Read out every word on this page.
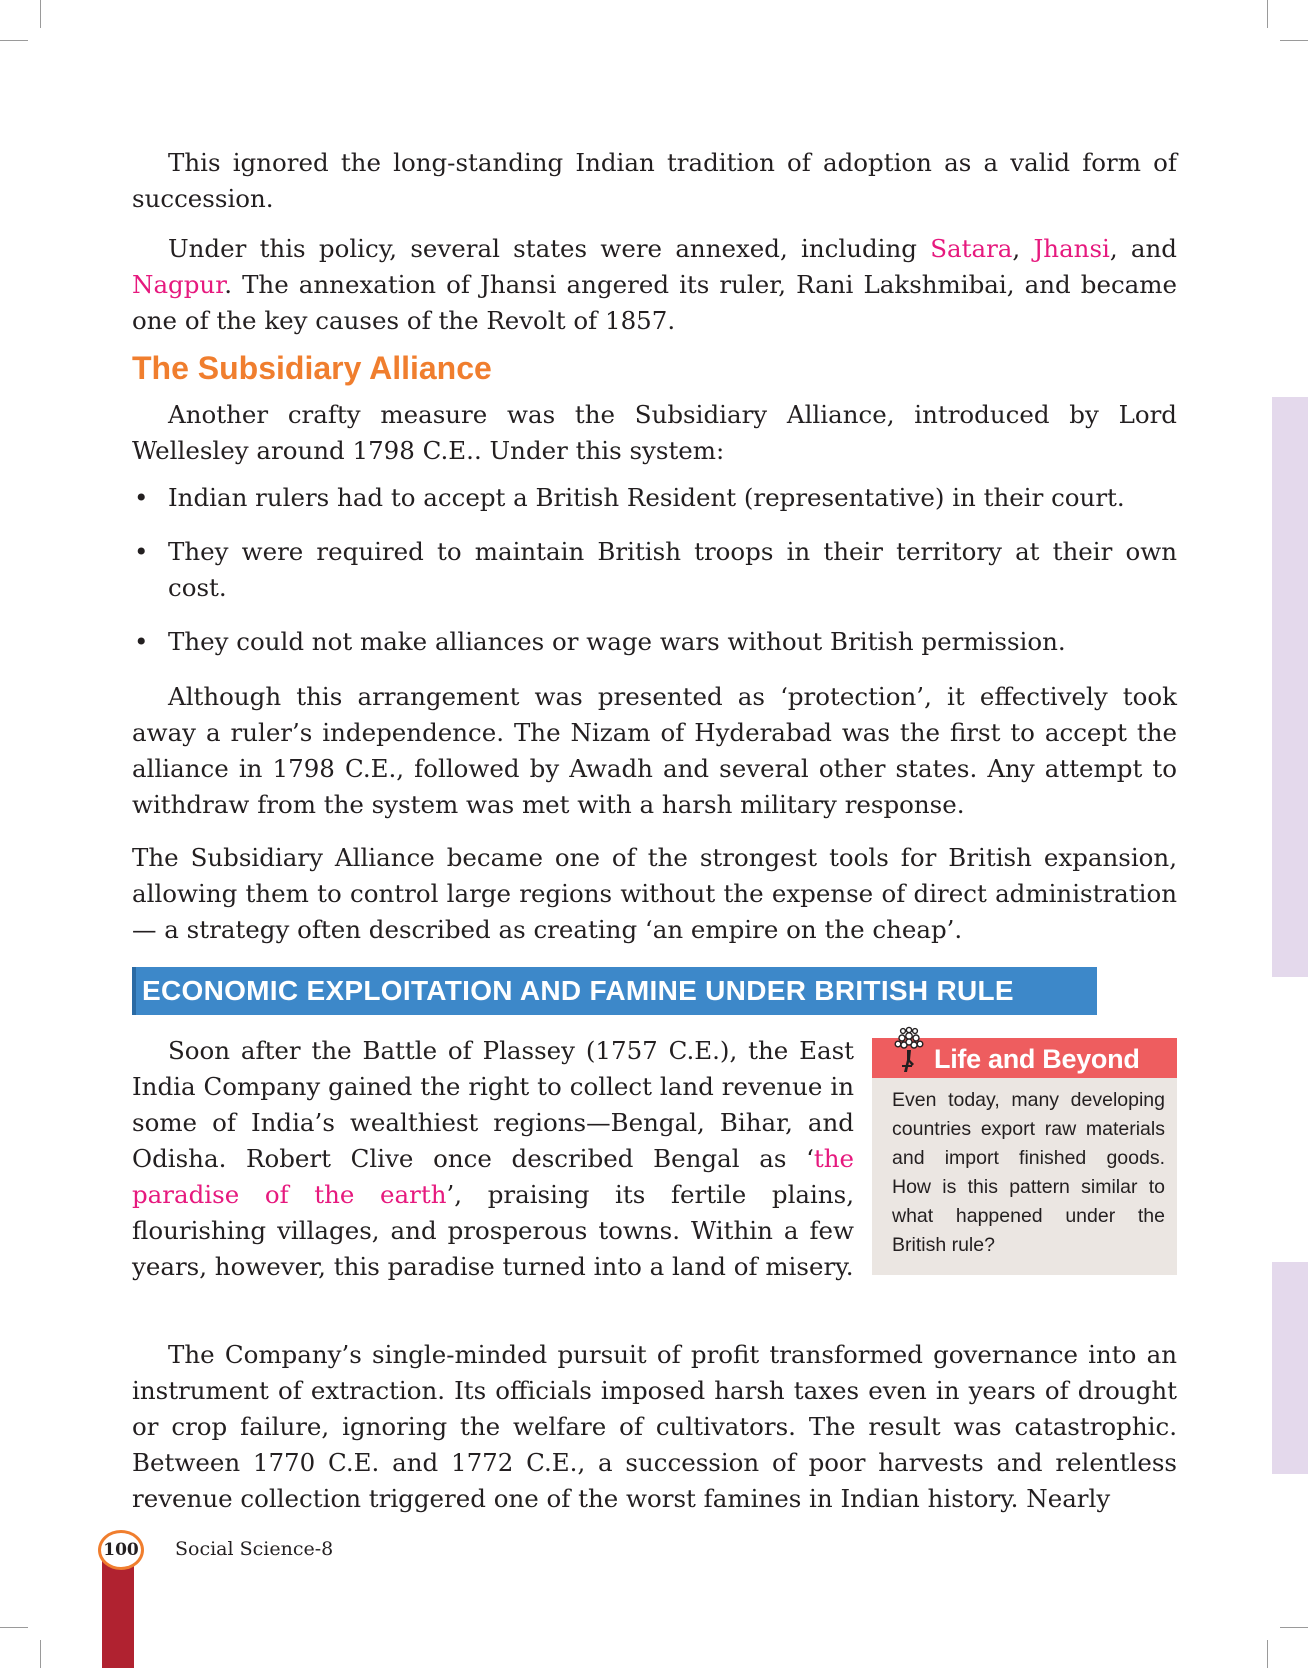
This ignored the long-standing Indian tradition of adoption as a valid form of succession.

Under this policy, several states were annexed, including Satara, Jhansi, and Nagpur. The annexation of Jhansi angered its ruler, Rani Lakshmibai, and became one of the key causes of the Revolt of 1857.

The Subsidiary Alliance

Another crafty measure was the Subsidiary Alliance, introduced by Lord Wellesley around 1798 C.E.. Under this system:

• Indian rulers had to accept a British Resident (representative) in their court.
• They were required to maintain British troops in their territory at their own cost.
• They could not make alliances or wage wars without British permission.

Although this arrangement was presented as ‘protection’, it effectively took away a ruler’s independence. The Nizam of Hyderabad was the first to accept the alliance in 1798 C.E., followed by Awadh and several other states. Any attempt to withdraw from the system was met with a harsh military response.

The Subsidiary Alliance became one of the strongest tools for British expansion, allowing them to control large regions without the expense of direct administration — a strategy often described as creating ‘an empire on the cheap’.

ECONOMIC EXPLOITATION AND FAMINE UNDER BRITISH RULE

Soon after the Battle of Plassey (1757 C.E.), the East India Company gained the right to collect land revenue in some of India’s wealthiest regions—Bengal, Bihar, and Odisha. Robert Clive once described Bengal as ‘the paradise of the earth’, praising its fertile plains, flourishing villages, and prosperous towns. Within a few years, however, this paradise turned into a land of misery.

Life and Beyond

Even today, many developing countries export raw materials and import finished goods. How is this pattern similar to what happened under the British rule?

The Company’s single-minded pursuit of profit transformed governance into an instrument of extraction. Its officials imposed harsh taxes even in years of drought or crop failure, ignoring the welfare of cultivators. The result was catastrophic. Between 1770 C.E. and 1772 C.E., a succession of poor harvests and relentless revenue collection triggered one of the worst famines in Indian history. Nearly

100 Social Science-8
